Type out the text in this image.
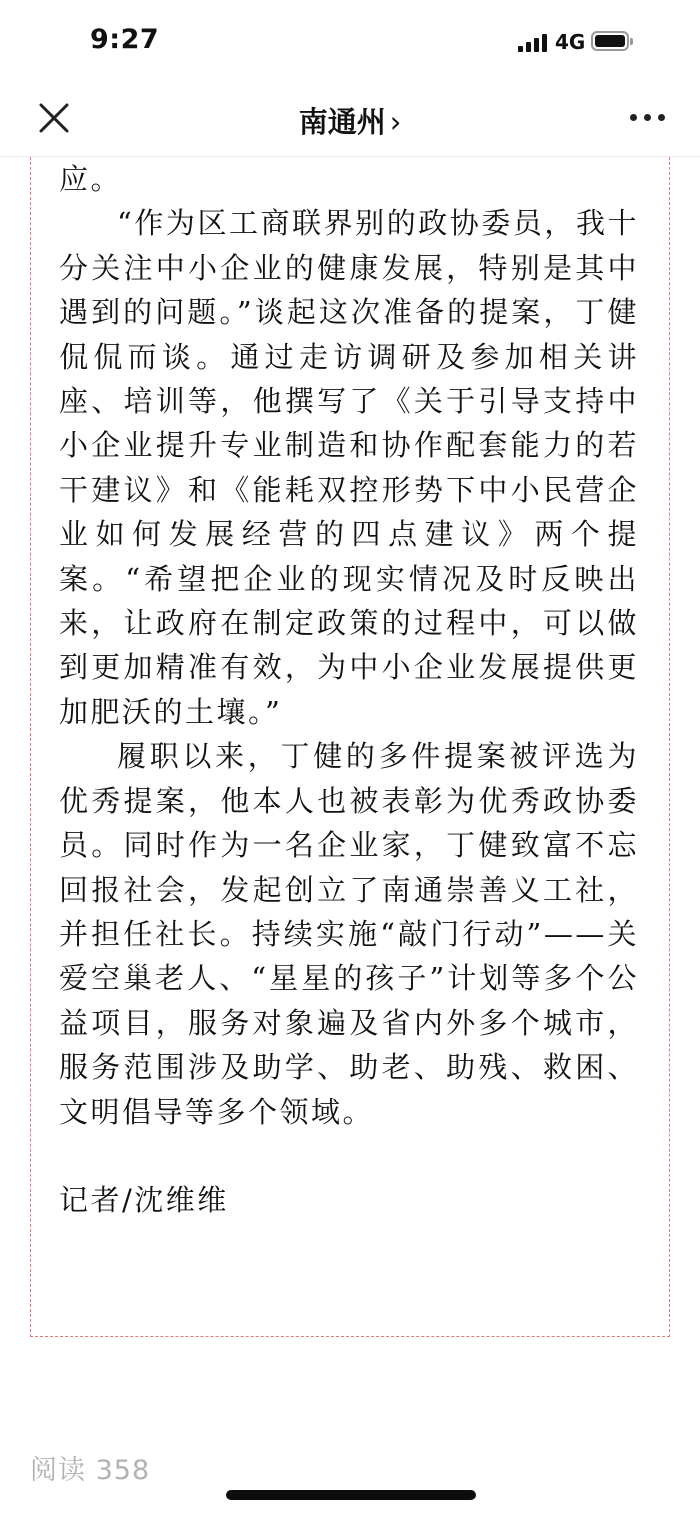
9:27	4G
南通州 ›

应。

“作为区工商联界别的政协委员，我十分关注中小企业的健康发展，特别是其中遇到的问题。”谈起这次准备的提案，丁健侃侃而谈。通过走访调研及参加相关讲座、培训等，他撰写了《关于引导支持中小企业提升专业制造和协作配套能力的若干建议》和《能耗双控形势下中小民营企业如何发展经营的四点建议》两个提案。“希望把企业的现实情况及时反映出来，让政府在制定政策的过程中，可以做到更加精准有效，为中小企业发展提供更加肥沃的土壤。”

履职以来，丁健的多件提案被评选为优秀提案，他本人也被表彰为优秀政协委员。同时作为一名企业家，丁健致富不忘回报社会，发起创立了南通崇善义工社，并担任社长。持续实施“敲门行动”——关爱空巢老人、“星星的孩子”计划等多个公益项目，服务对象遍及省内外多个城市，服务范围涉及助学、助老、助残、救困、文明倡导等多个领域。

记者/沈维维

阅读 358
